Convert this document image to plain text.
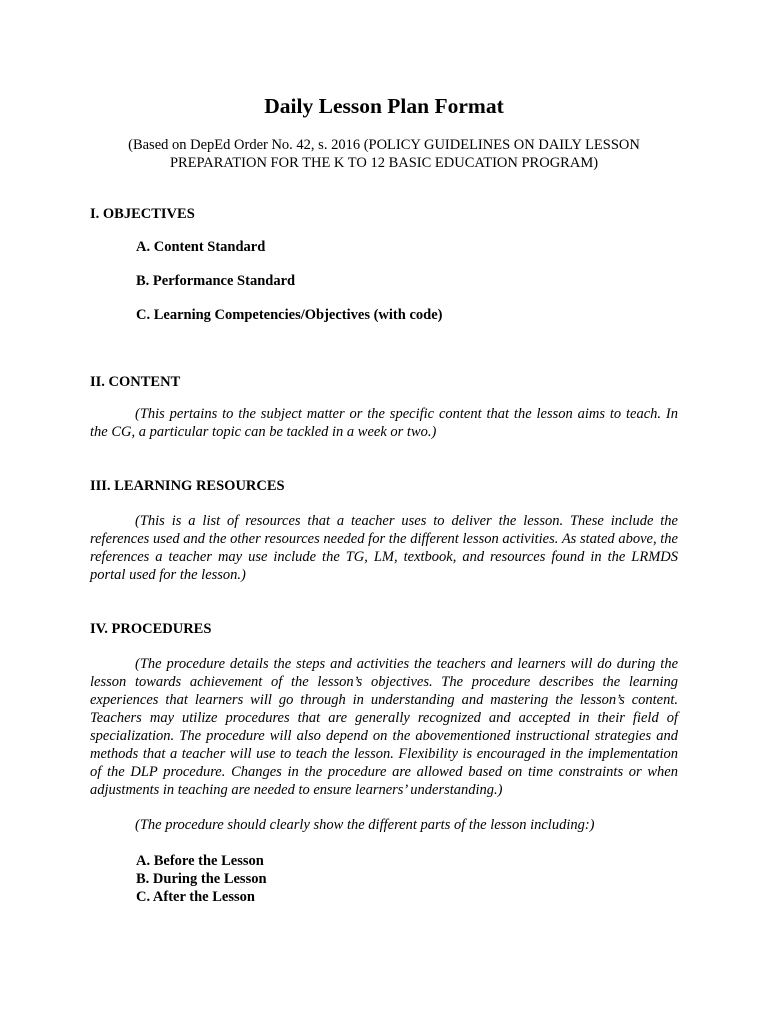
Daily Lesson Plan Format
(Based on DepEd Order No. 42, s. 2016 (POLICY GUIDELINES ON DAILY LESSON PREPARATION FOR THE K TO 12 BASIC EDUCATION PROGRAM)
I. OBJECTIVES
A. Content Standard
B. Performance Standard
C. Learning Competencies/Objectives (with code)
II. CONTENT

(This pertains to the subject matter or the specific content that the lesson aims to teach. In the CG, a particular topic can be tackled in a week or two.)

III. LEARNING RESOURCES

(This is a list of resources that a teacher uses to deliver the lesson. These include the references used and the other resources needed for the different lesson activities. As stated above, the references a teacher may use include the TG, LM, textbook, and resources found in the LRMDS portal used for the lesson.)

IV. PROCEDURES

(The procedure details the steps and activities the teachers and learners will do during the lesson towards achievement of the lesson’s objectives. The procedure describes the learning experiences that learners will go through in understanding and mastering the lesson’s content. Teachers may utilize procedures that are generally recognized and accepted in their field of specialization. The procedure will also depend on the abovementioned instructional strategies and methods that a teacher will use to teach the lesson. Flexibility is encouraged in the implementation of the DLP procedure. Changes in the procedure are allowed based on time constraints or when adjustments in teaching are needed to ensure learners’ understanding.)

(The procedure should clearly show the different parts of the lesson including:)

A. Before the Lesson
B. During the Lesson
C. After the Lesson
